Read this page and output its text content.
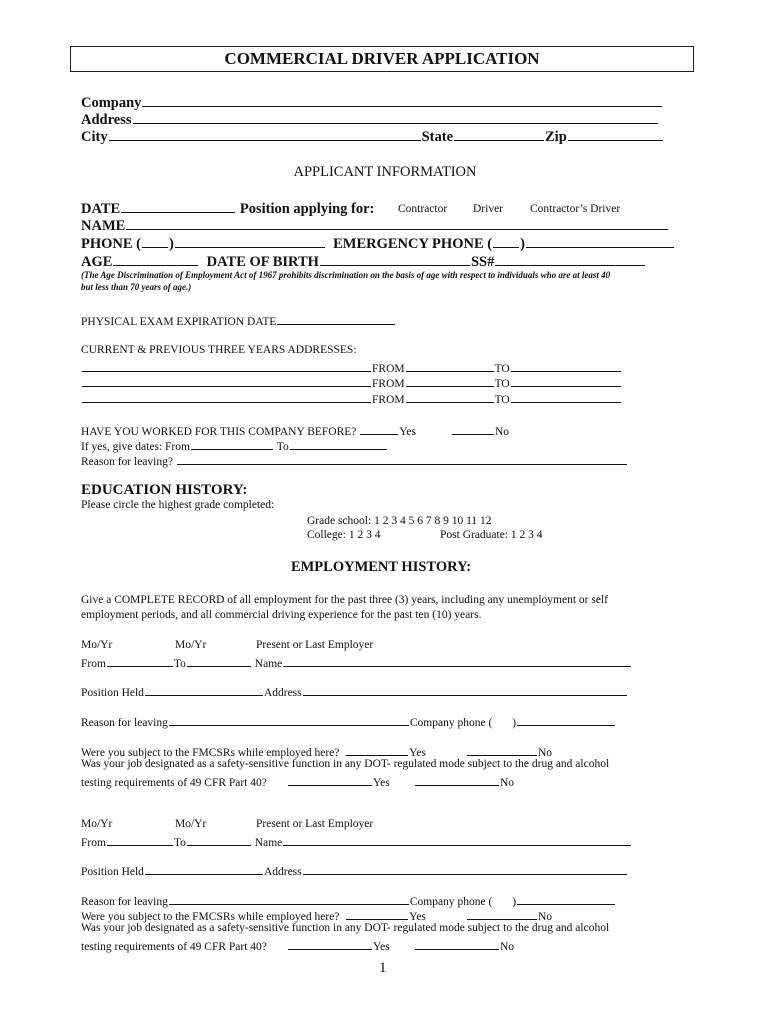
COMMERCIAL DRIVER APPLICATION
Company
Address
City	State	Zip
APPLICANT INFORMATION
DATE	Position applying for: Contractor Driver Contractor’s Driver
NAME
PHONE ( )	EMERGENCY PHONE ( )
AGE	DATE OF BIRTH	SS#
(The Age Discrimination of Employment Act of 1967 prohibits discrimination on the basis of age with respect to individuals who are at least 40
but less than 70 years of age.)
PHYSICAL EXAM EXPIRATION DATE
CURRENT & PREVIOUS THREE YEARS ADDRESSES:
FROM	TO
FROM	TO
FROM	TO
HAVE YOU WORKED FOR THIS COMPANY BEFORE?	Yes	No
If yes, give dates: From	To
Reason for leaving?
EDUCATION HISTORY:
Please circle the highest grade completed:
Grade school: 1 2 3 4 5 6 7 8 9 10 11 12
College: 1 2 3 4	Post Graduate: 1 2 3 4
EMPLOYMENT HISTORY:
Give a COMPLETE RECORD of all employment for the past three (3) years, including any unemployment or self
employment periods, and all commercial driving experience for the past ten (10) years.
Mo/Yr	Mo/Yr	Present or Last Employer
From	To	Name
Position Held	Address
Reason for leaving	Company phone ( )
Were you subject to the FMCSRs while employed here?	Yes	No
Was your job designated as a safety-sensitive function in any DOT- regulated mode subject to the drug and alcohol
testing requirements of 49 CFR Part 40?	Yes	No
Mo/Yr	Mo/Yr	Present or Last Employer
From	To	Name
Position Held	Address
Reason for leaving	Company phone ( )
Were you subject to the FMCSRs while employed here?	Yes	No
Was your job designated as a safety-sensitive function in any DOT- regulated mode subject to the drug and alcohol
testing requirements of 49 CFR Part 40?	Yes	No
1
